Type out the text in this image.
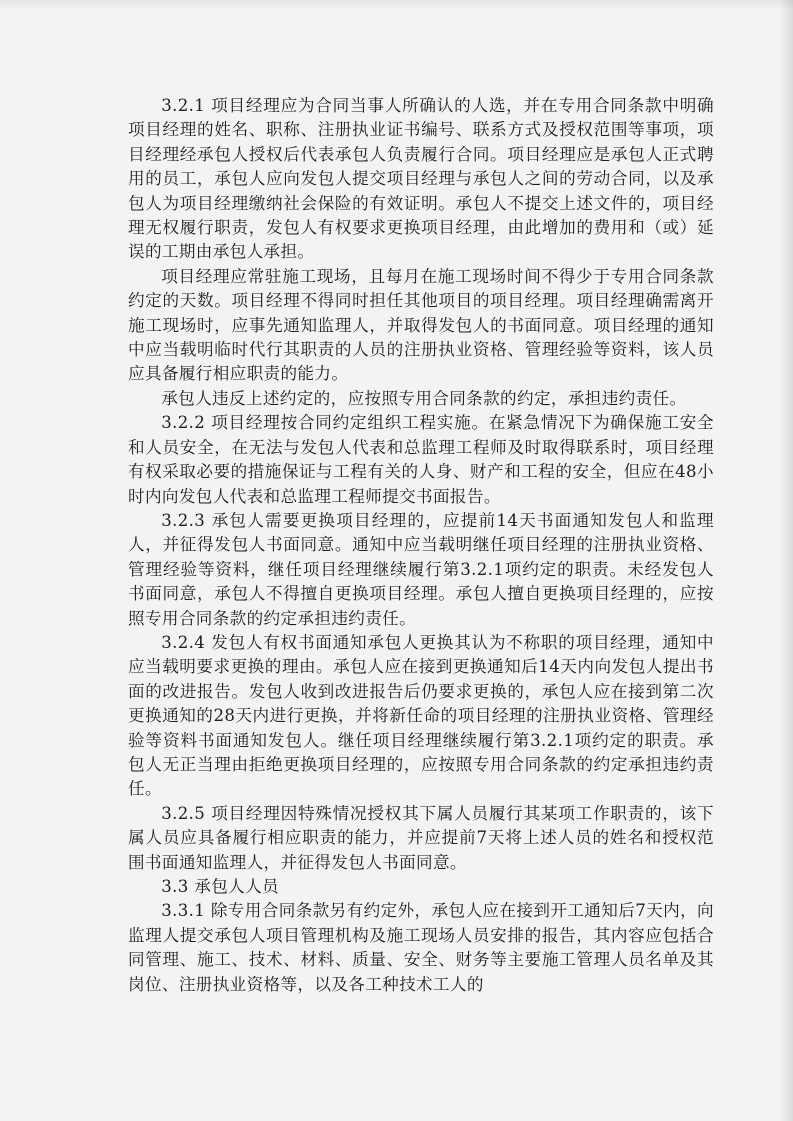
3.2.1 项目经理应为合同当事人所确认的人选，并在专用合同条款中明确项目经理的姓名、职称、注册执业证书编号、联系方式及授权范围等事项，项目经理经承包人授权后代表承包人负责履行合同。项目经理应是承包人正式聘用的员工，承包人应向发包人提交项目经理与承包人之间的劳动合同，以及承包人为项目经理缴纳社会保险的有效证明。承包人不提交上述文件的，项目经理无权履行职责，发包人有权要求更换项目经理，由此增加的费用和（或）延误的工期由承包人承担。

项目经理应常驻施工现场，且每月在施工现场时间不得少于专用合同条款约定的天数。项目经理不得同时担任其他项目的项目经理。项目经理确需离开施工现场时，应事先通知监理人，并取得发包人的书面同意。项目经理的通知中应当载明临时代行其职责的人员的注册执业资格、管理经验等资料，该人员应具备履行相应职责的能力。

承包人违反上述约定的，应按照专用合同条款的约定，承担违约责任。

3.2.2 项目经理按合同约定组织工程实施。在紧急情况下为确保施工安全和人员安全，在无法与发包人代表和总监理工程师及时取得联系时，项目经理有权采取必要的措施保证与工程有关的人身、财产和工程的安全，但应在48小时内向发包人代表和总监理工程师提交书面报告。

3.2.3 承包人需要更换项目经理的，应提前14天书面通知发包人和监理人，并征得发包人书面同意。通知中应当载明继任项目经理的注册执业资格、管理经验等资料，继任项目经理继续履行第3.2.1项约定的职责。未经发包人书面同意，承包人不得擅自更换项目经理。承包人擅自更换项目经理的，应按照专用合同条款的约定承担违约责任。

3.2.4 发包人有权书面通知承包人更换其认为不称职的项目经理，通知中应当载明要求更换的理由。承包人应在接到更换通知后14天内向发包人提出书面的改进报告。发包人收到改进报告后仍要求更换的，承包人应在接到第二次更换通知的28天内进行更换，并将新任命的项目经理的注册执业资格、管理经验等资料书面通知发包人。继任项目经理继续履行第3.2.1项约定的职责。承包人无正当理由拒绝更换项目经理的，应按照专用合同条款的约定承担违约责任。

3.2.5 项目经理因特殊情况授权其下属人员履行其某项工作职责的，该下属人员应具备履行相应职责的能力，并应提前7天将上述人员的姓名和授权范围书面通知监理人，并征得发包人书面同意。

3.3 承包人人员

3.3.1 除专用合同条款另有约定外，承包人应在接到开工通知后7天内，向监理人提交承包人项目管理机构及施工现场人员安排的报告，其内容应包括合同管理、施工、技术、材料、质量、安全、财务等主要施工管理人员名单及其岗位、注册执业资格等，以及各工种技术工人的
